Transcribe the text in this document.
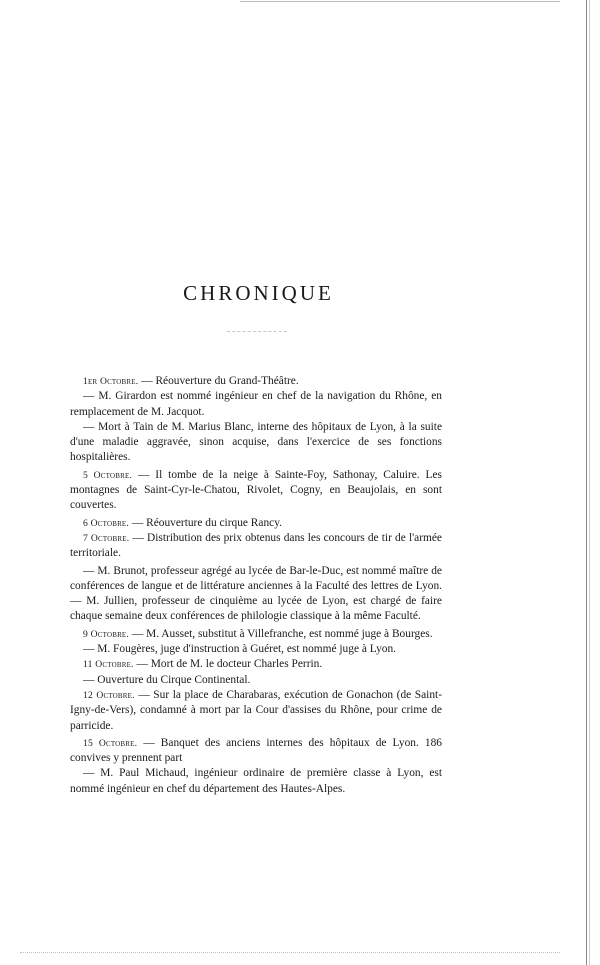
CHRONIQUE

1er Octobre. — Réouverture du Grand-Théâtre.

— M. Girardon est nommé ingénieur en chef de la navigation du Rhône, en remplacement de M. Jacquot.

— Mort à Tain de M. Marius Blanc, interne des hôpitaux de Lyon, à la suite d'une maladie aggravée, sinon acquise, dans l'exercice de ses fonctions hospitalières.

5 Octobre. — Il tombe de la neige à Sainte-Foy, Sathonay, Caluire. Les montagnes de Saint-Cyr-le-Chatou, Rivolet, Cogny, en Beaujolais, en sont couvertes.

6 Octobre. — Réouverture du cirque Rancy.

7 Octobre. — Distribution des prix obtenus dans les concours de tir de l'armée territoriale.

— M. Brunot, professeur agrégé au lycée de Bar-le-Duc, est nommé maître de conférences de langue et de littérature anciennes à la Faculté des lettres de Lyon. — M. Jullien, professeur de cinquième au lycée de Lyon, est chargé de faire chaque semaine deux conférences de philologie classique à la même Faculté.

9 Octobre. — M. Ausset, substitut à Villefranche, est nommé juge à Bourges.

— M. Fougères, juge d'instruction à Guéret, est nommé juge à Lyon.

11 Octobre. — Mort de M. le docteur Charles Perrin.

— Ouverture du Cirque Continental.

12 Octobre. — Sur la place de Charabaras, exécution de Gonachon (de Saint-Igny-de-Vers), condamné à mort par la Cour d'assises du Rhône, pour crime de parricide.

15 Octobre. — Banquet des anciens internes des hôpitaux de Lyon. 186 convives y prennent part

— M. Paul Michaud, ingénieur ordinaire de première classe à Lyon, est nommé ingénieur en chef du département des Hautes-Alpes.
